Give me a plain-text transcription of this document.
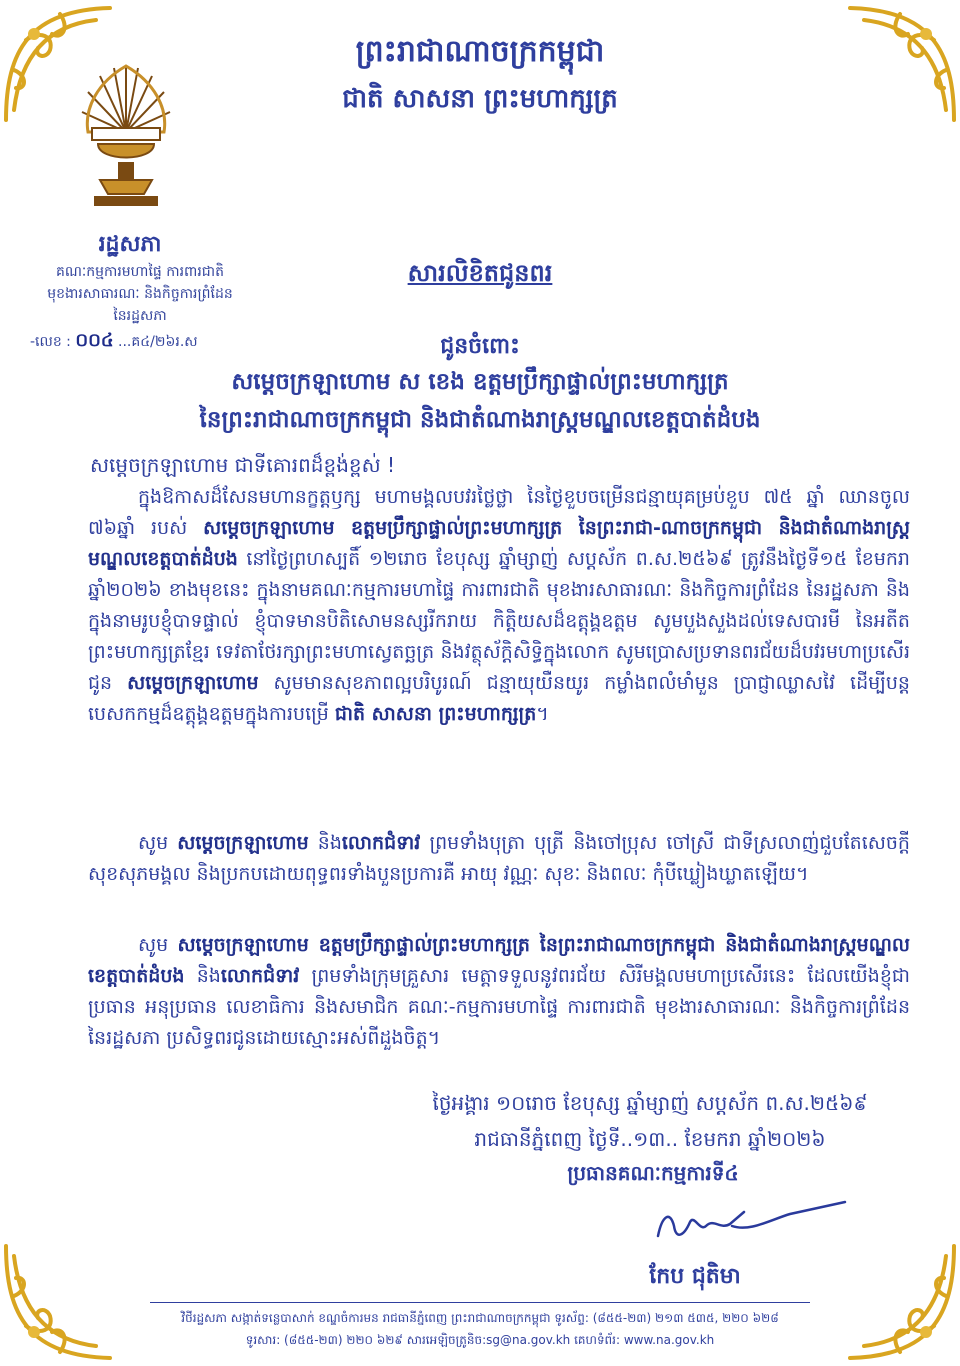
ព្រះរាជាណាចក្រកម្ពុជា
ជាតិ សាសនា ព្រះមហាក្សត្រ
រដ្ឋសភា
គណៈកម្មការមហាផ្ទៃ ការពារជាតិ
មុខងារសាធារណៈ និងកិច្ចការព្រំដែន
នៃរដ្ឋសភា
-លេខ : ០០៤ ...គ៤/២៦រ.ស
សារលិខិតជូនពរ
ជូនចំពោះ
សម្តេចក្រឡាហោម ស ខេង ឧត្តមប្រឹក្សាផ្ទាល់ព្រះមហាក្សត្រ
នៃព្រះរាជាណាចក្រកម្ពុជា និងជាតំណាងរាស្រ្តមណ្ឌលខេត្តបាត់ដំបង
សម្តេចក្រឡាហោម ជាទីគោរពដ៏ខ្ពង់ខ្ពស់ !
ក្នុងឱកាសដ៏សែនមហានក្ខត្តឫក្ស មហាមង្គលបវរថ្លៃថ្លា នៃថ្ងៃខួបចម្រើនជន្មាយុគម្រប់ខួប ៧៥ ឆ្នាំ ឈានចូល ៧៦ឆ្នាំ របស់ សម្តេចក្រឡាហោម ឧត្តមប្រឹក្សាផ្ទាល់ព្រះមហាក្សត្រ នៃព្រះរាជា-ណាចក្រកម្ពុជា និងជាតំណាងរាស្ត្រមណ្ឌលខេត្តបាត់ដំបង នៅថ្ងៃព្រហស្បតិ៍ ១២រោច ខែបុស្ស ឆ្នាំម្សាញ់ សប្តស័ក ព.ស.២៥៦៩ ត្រូវនឹងថ្ងៃទី១៥ ខែមករា ឆ្នាំ២០២៦ ខាងមុខនេះ ក្នុងនាមគណៈកម្មការមហាផ្ទៃ ការពារជាតិ មុខងារសាធារណៈ និងកិច្ចការព្រំដែន នៃរដ្ឋសភា និងក្នុងនាមរូបខ្ញុំបាទផ្ទាល់ ខ្ញុំបាទមានបិតិសោមនស្សរីករាយ កិត្តិយសដ៏ឧត្តុង្គឧត្តម សូមបួងសួងដល់ទេសបារមី នៃអតីតព្រះមហាក្សត្រខ្មែរ ទេវតាថែរក្សាព្រះមហាស្វេតច្ឆត្រ និងវត្ថុស័ក្តិសិទ្ធិក្នុងលោក សូមប្រោសប្រទានពរជ័យដ៏បវរមហាប្រសើរ ជូន សម្តេចក្រឡាហោម សូមមានសុខភាពល្អបរិបូរណ៍ ជន្មាយុយឺនយូរ កម្លាំងពលំមាំមួន ប្រាជ្ញាឈ្លាសវៃ ដើម្បីបន្តបេសកកម្មដ៏ឧត្តុង្គឧត្តមក្នុងការបម្រើ ជាតិ សាសនា ព្រះមហាក្សត្រ។
សូម សម្តេចក្រឡាហោម និងលោកជំទាវ ព្រមទាំងបុត្រា បុត្រី និងចៅប្រុស ចៅស្រី ជាទីស្រលាញ់ជួបតែសេចក្តីសុខសុភមង្គល និងប្រកបដោយពុទ្ធពរទាំងបួនប្រការគឺ អាយុ វណ្ណៈ សុខៈ និងពលៈ កុំបីឃ្លៀងឃ្លាតឡើយ។
សូម សម្តេចក្រឡាហោម ឧត្តមប្រឹក្សាផ្ទាល់ព្រះមហាក្សត្រ នៃព្រះរាជាណាចក្រកម្ពុជា និងជាតំណាងរាស្ត្រមណ្ឌលខេត្តបាត់ដំបង និងលោកជំទាវ ព្រមទាំងក្រុមគ្រួសារ មេត្តាទទួលនូវពរជ័យ សិរីមង្គលមហាប្រសើរនេះ ដែលយើងខ្ញុំជាប្រធាន អនុប្រធាន លេខាធិការ និងសមាជិក គណៈ-កម្មការមហាផ្ទៃ ការពារជាតិ មុខងារសាធារណៈ និងកិច្ចការព្រំដែន នៃរដ្ឋសភា ប្រសិទ្ធពរជូនដោយស្មោះអស់ពីដួងចិត្ត។
ថ្ងៃអង្គារ ១០រោច ខែបុស្ស ឆ្នាំម្សាញ់ សប្តស័ក ព.ស.២៥៦៩
រាជធានីភ្នំពេញ ថ្ងៃទី..១៣.. ខែមករា ឆ្នាំ២០២៦
ប្រធានគណៈកម្មការទី៤
កែប ជុតិមា
វិថីរដ្ឋសភា សង្កាត់ទន្លេបាសាក់ ខណ្ឌចំការមន រាជធានីភ្នំពេញ ព្រះរាជាណាចក្រកម្ពុជា ទូរស័ព្ទ: (៨៥៥-២៣) ២១៣ ៥៣៥, ២២០ ៦២៨
ទូរសារ: (៨៥៥-២៣) ២២០ ៦២៩ សារអេឡិចត្រូនិច:sg@na.gov.kh គេហទំព័រ: www.na.gov.kh
